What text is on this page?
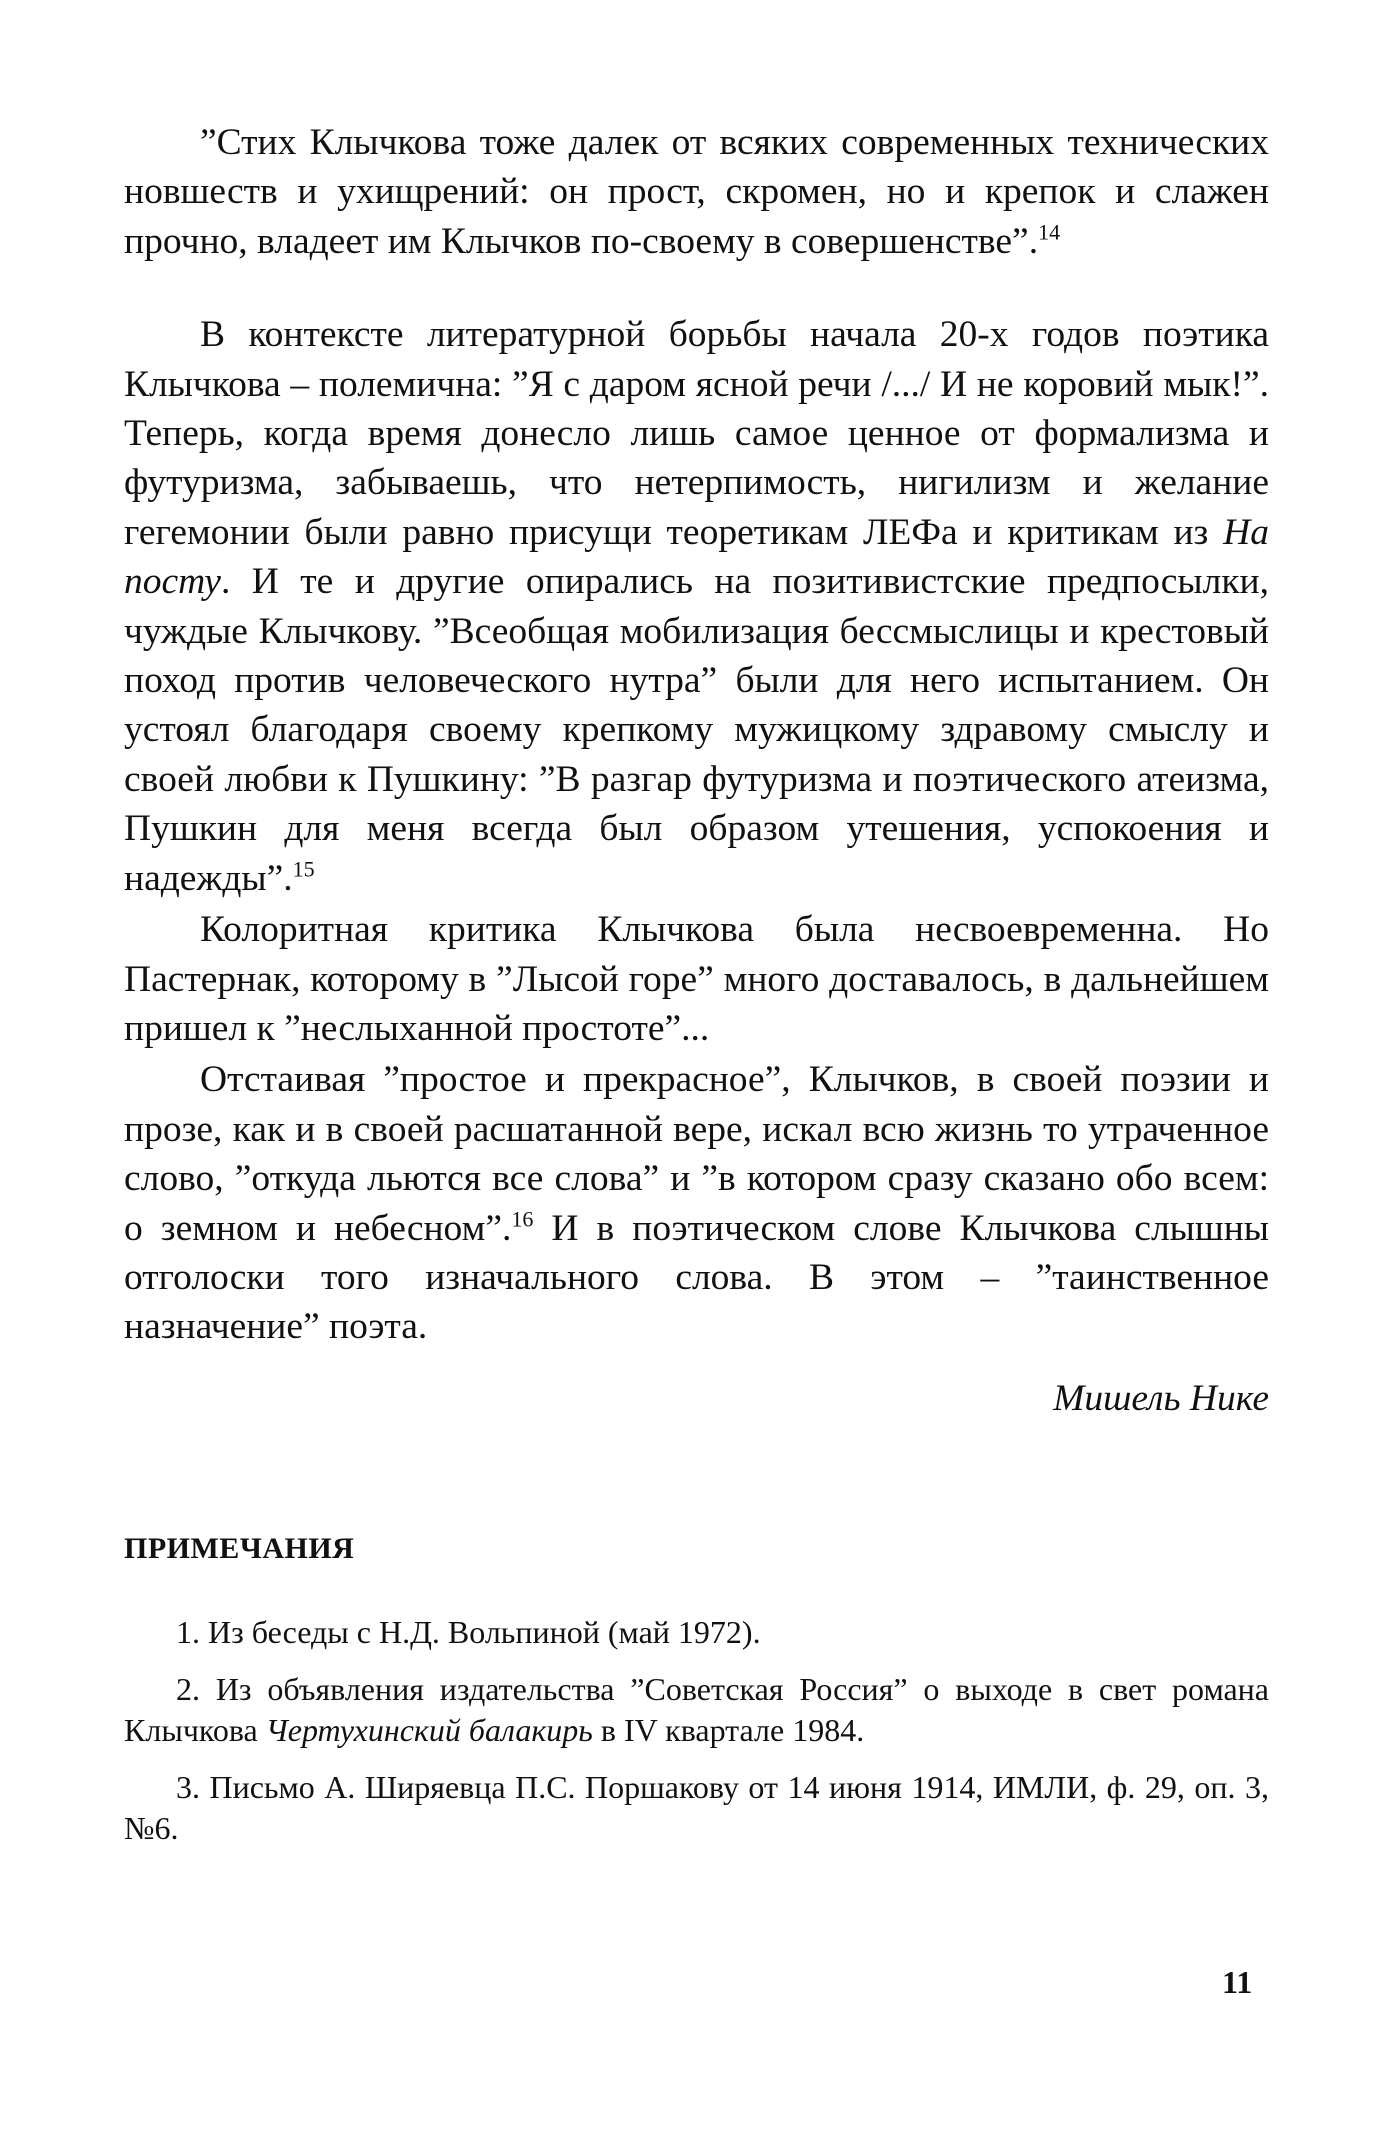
”Стих Клычкова тоже далек от всяких современных технических новшеств и ухищрений: он прост, скромен, но и крепок и слажен прочно, владеет им Клычков по-своему в совершенстве”.$^{14}$

В контексте литературной борьбы начала 20-х годов поэтика Клычкова – полемична: ”Я с даром ясной речи /.../ И не коровий мык!”. Теперь, когда время донесло лишь самое ценное от формализма и футуризма, забываешь, что нетерпимость, нигилизм и желание гегемонии были равно присущи теоретикам ЛЕФа и критикам из На посту. И те и другие опирались на позитивистские предпосылки, чуждые Клычкову. ”Всеобщая мобилизация бессмыслицы и крестовый поход против человеческого нутра” были для него испытанием. Он устоял благодаря своему крепкому мужицкому здравому смыслу и своей любви к Пушкину: ”В разгар футуризма и поэтического атеизма, Пушкин для меня всегда был образом утешения, успокоения и надежды”.$^{15}$

Колоритная критика Клычкова была несвоевременна. Но Пастернак, которому в ”Лысой горе” много доставалось, в дальнейшем пришел к ”неслыханной простоте”...

Отстаивая ”простое и прекрасное”, Клычков, в своей поэзии и прозе, как и в своей расшатанной вере, искал всю жизнь то утраченное слово, ”откуда льются все слова” и ”в котором сразу сказано обо всем: о земном и небесном”.$^{16}$ И в поэтическом слове Клычкова слышны отголоски того изначального слова. В этом – ”таинственное назначение” поэта.

Мишель Нике
ПРИМЕЧАНИЯ

1. Из беседы с Н.Д. Вольпиной (май 1972).

2. Из объявления издательства ”Советская Россия” о выходе в свет романа Клычкова Чертухинский балакирь в IV квартале 1984.

3. Письмо А. Ширяевца П.С. Поршакову от 14 июня 1914, ИМЛИ, ф. 29, оп. 3, №6.

11
